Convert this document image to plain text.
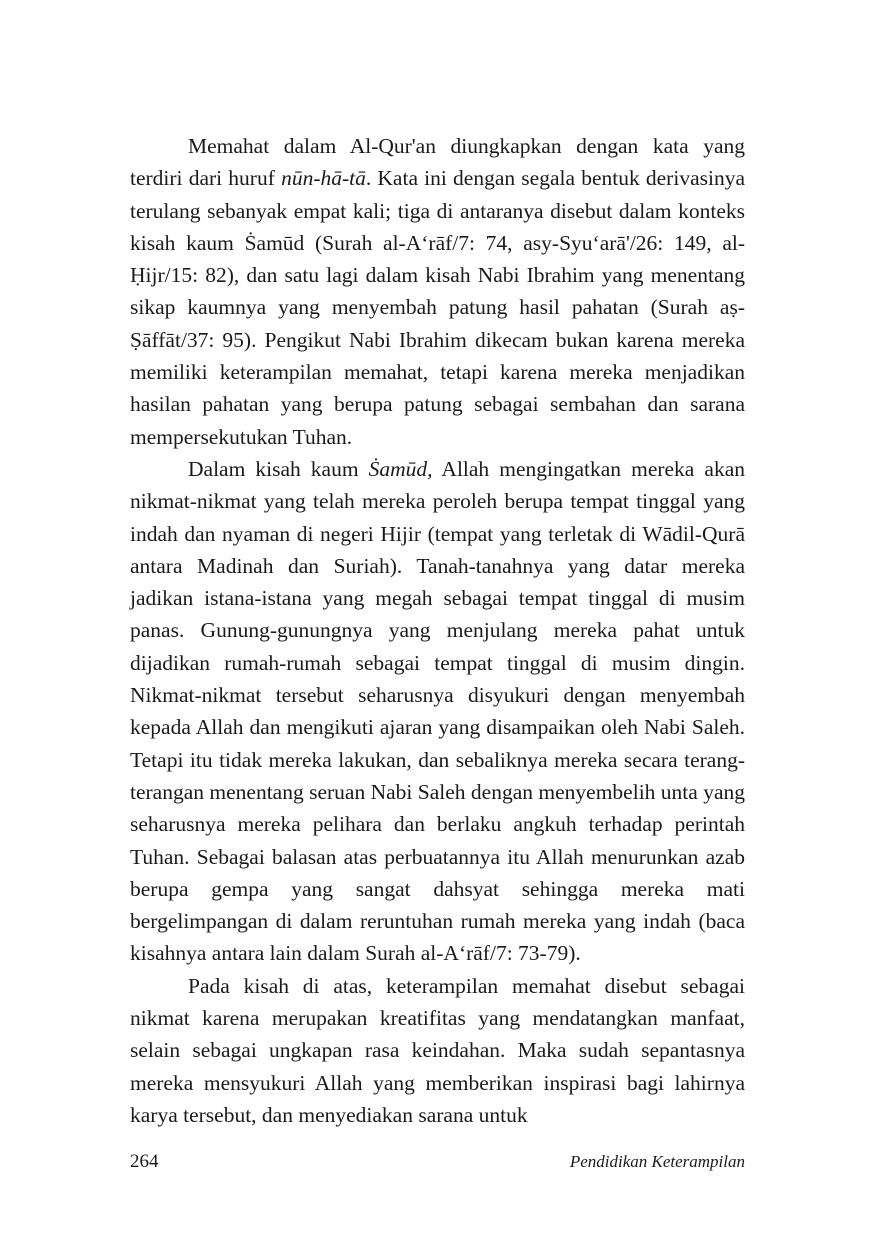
Memahat dalam Al-Qur'an diungkapkan dengan kata yang terdiri dari huruf nūn-hā-tā. Kata ini dengan segala bentuk derivasinya terulang sebanyak empat kali; tiga di antaranya disebut dalam konteks kisah kaum Ṡamūd (Surah al-A‘rāf/7: 74, asy-Syu‘arā'/26: 149, al-Ḥijr/15: 82), dan satu lagi dalam kisah Nabi Ibrahim yang menentang sikap kaumnya yang menyembah patung hasil pahatan (Surah aṣ-Ṣāffāt/37: 95). Pengikut Nabi Ibrahim dikecam bukan karena mereka memiliki keterampilan memahat, tetapi karena mereka menjadikan hasilan pahatan yang berupa patung sebagai sembahan dan sarana mempersekutukan Tuhan.

Dalam kisah kaum Ṡamūd, Allah mengingatkan mereka akan nikmat-nikmat yang telah mereka peroleh berupa tempat tinggal yang indah dan nyaman di negeri Hijir (tempat yang terletak di Wādil-Qurā antara Madinah dan Suriah). Tanah-tanahnya yang datar mereka jadikan istana-istana yang megah sebagai tempat tinggal di musim panas. Gunung-gunungnya yang menjulang mereka pahat untuk dijadikan rumah-rumah sebagai tempat tinggal di musim dingin. Nikmat-nikmat tersebut seharusnya disyukuri dengan menyembah kepada Allah dan mengikuti ajaran yang disampaikan oleh Nabi Saleh. Tetapi itu tidak mereka lakukan, dan sebaliknya mereka secara terang-terangan menentang seruan Nabi Saleh dengan menyembelih unta yang seharusnya mereka pelihara dan berlaku angkuh terhadap perintah Tuhan. Sebagai balasan atas perbuatannya itu Allah menurunkan azab berupa gempa yang sangat dahsyat sehingga mereka mati bergelimpangan di dalam reruntuhan rumah mereka yang indah (baca kisahnya antara lain dalam Surah al-A‘rāf/7: 73-79).

Pada kisah di atas, keterampilan memahat disebut sebagai nikmat karena merupakan kreatifitas yang mendatangkan manfaat, selain sebagai ungkapan rasa keindahan. Maka sudah sepantasnya mereka mensyukuri Allah yang memberikan inspirasi bagi lahirnya karya tersebut, dan menyediakan sarana untuk

264	Pendidikan Keterampilan
